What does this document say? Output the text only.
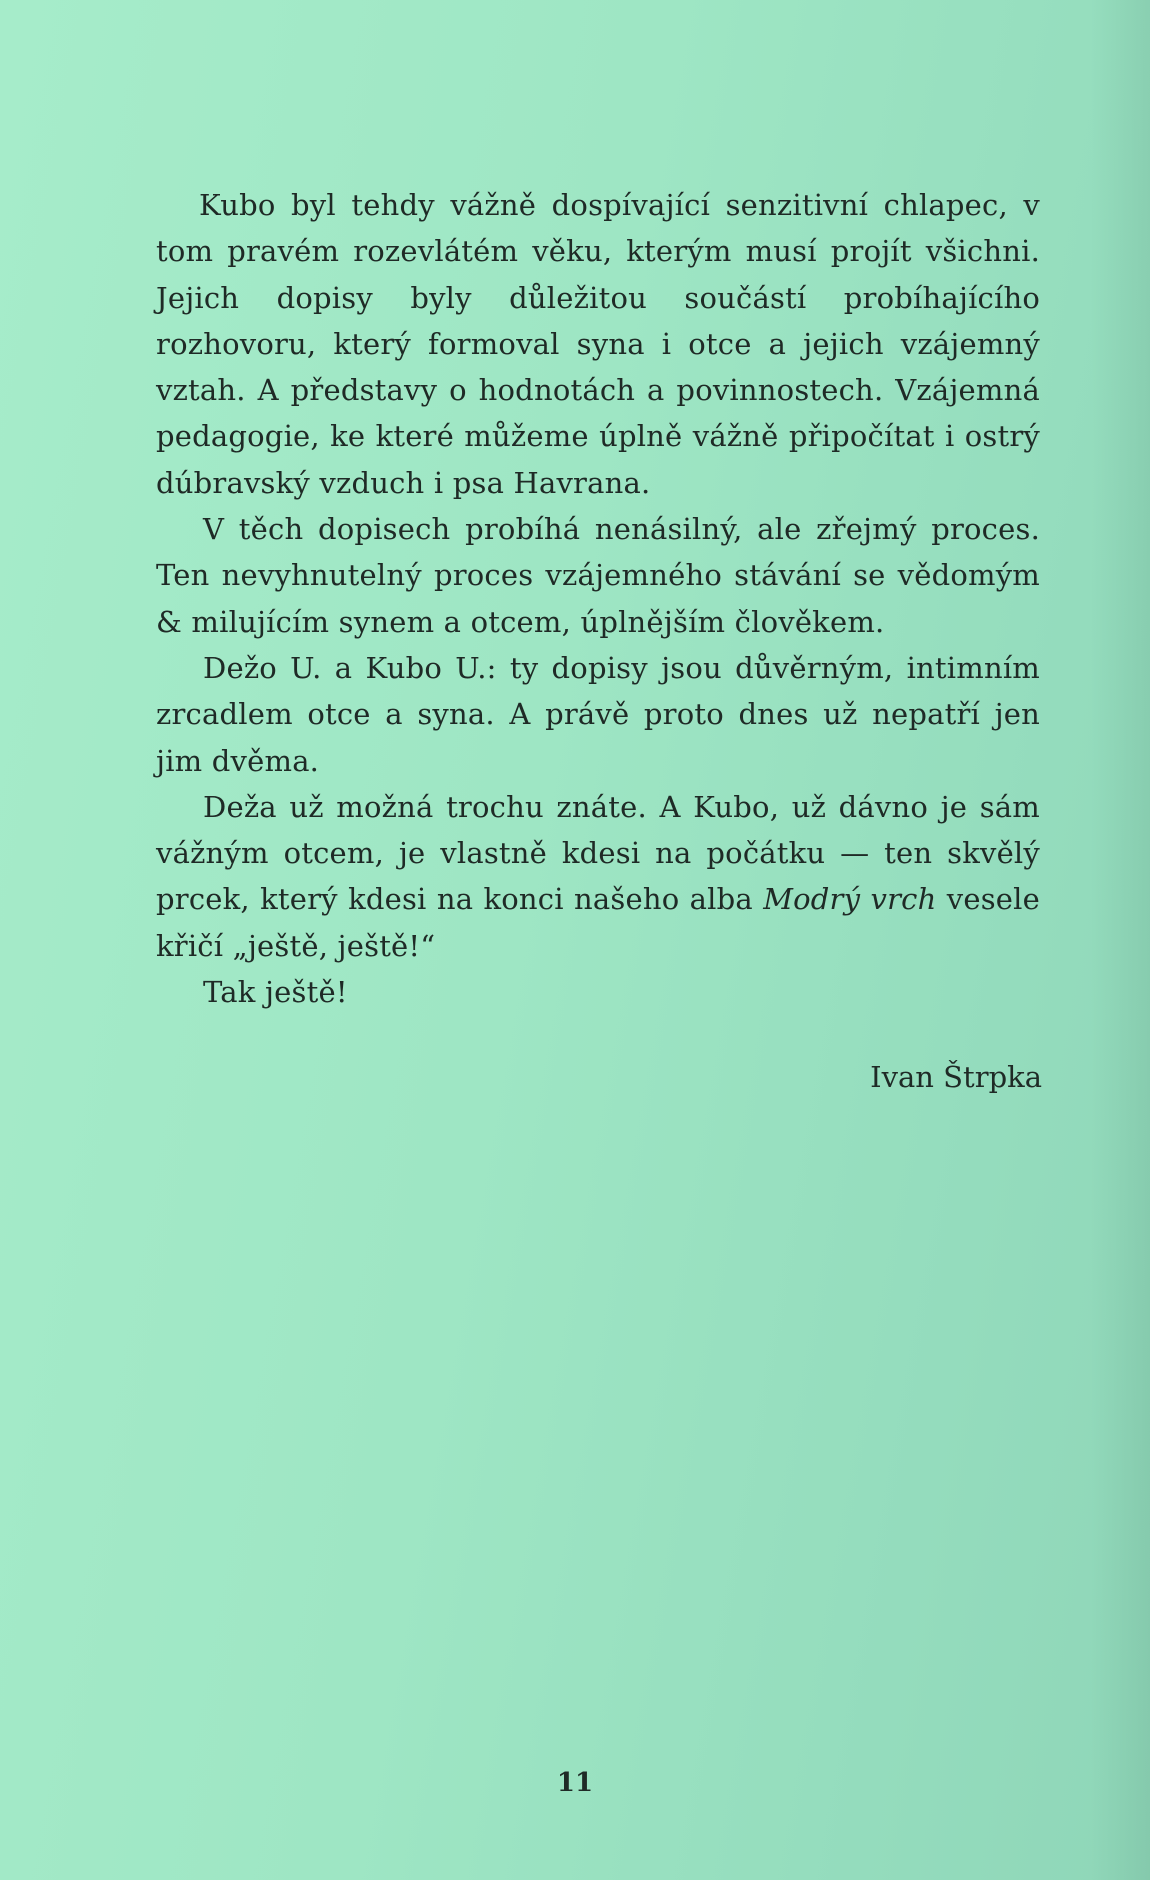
Kubo byl tehdy vážně dospívající senzitivní chlapec, v tom pravém rozevlátém věku, kterým musí projít všichni. Jejich dopisy byly důležitou součástí probíhajícího rozhovoru, který formoval syna i otce a jejich vzájemný vztah. A představy o hodnotách a povinnostech. Vzájemná pedagogie, ke které můžeme úplně vážně připočítat i ostrý dúbravský vzduch i psa Havrana.

V těch dopisech probíhá nenásilný, ale zřejmý proces. Ten nevyhnutelný proces vzájemného stávání se vědomým & milujícím synem a otcem, úplnějším člověkem.

Dežo U. a Kubo U.: ty dopisy jsou důvěrným, intimním zrcadlem otce a syna. A právě proto dnes už nepatří jen jim dvěma.

Deža už možná trochu znáte. A Kubo, už dávno je sám vážným otcem, je vlastně kdesi na počátku — ten skvělý prcek, který kdesi na konci našeho alba Modrý vrch vesele křičí „ještě, ještě!“

Tak ještě!

Ivan Štrpka
11
